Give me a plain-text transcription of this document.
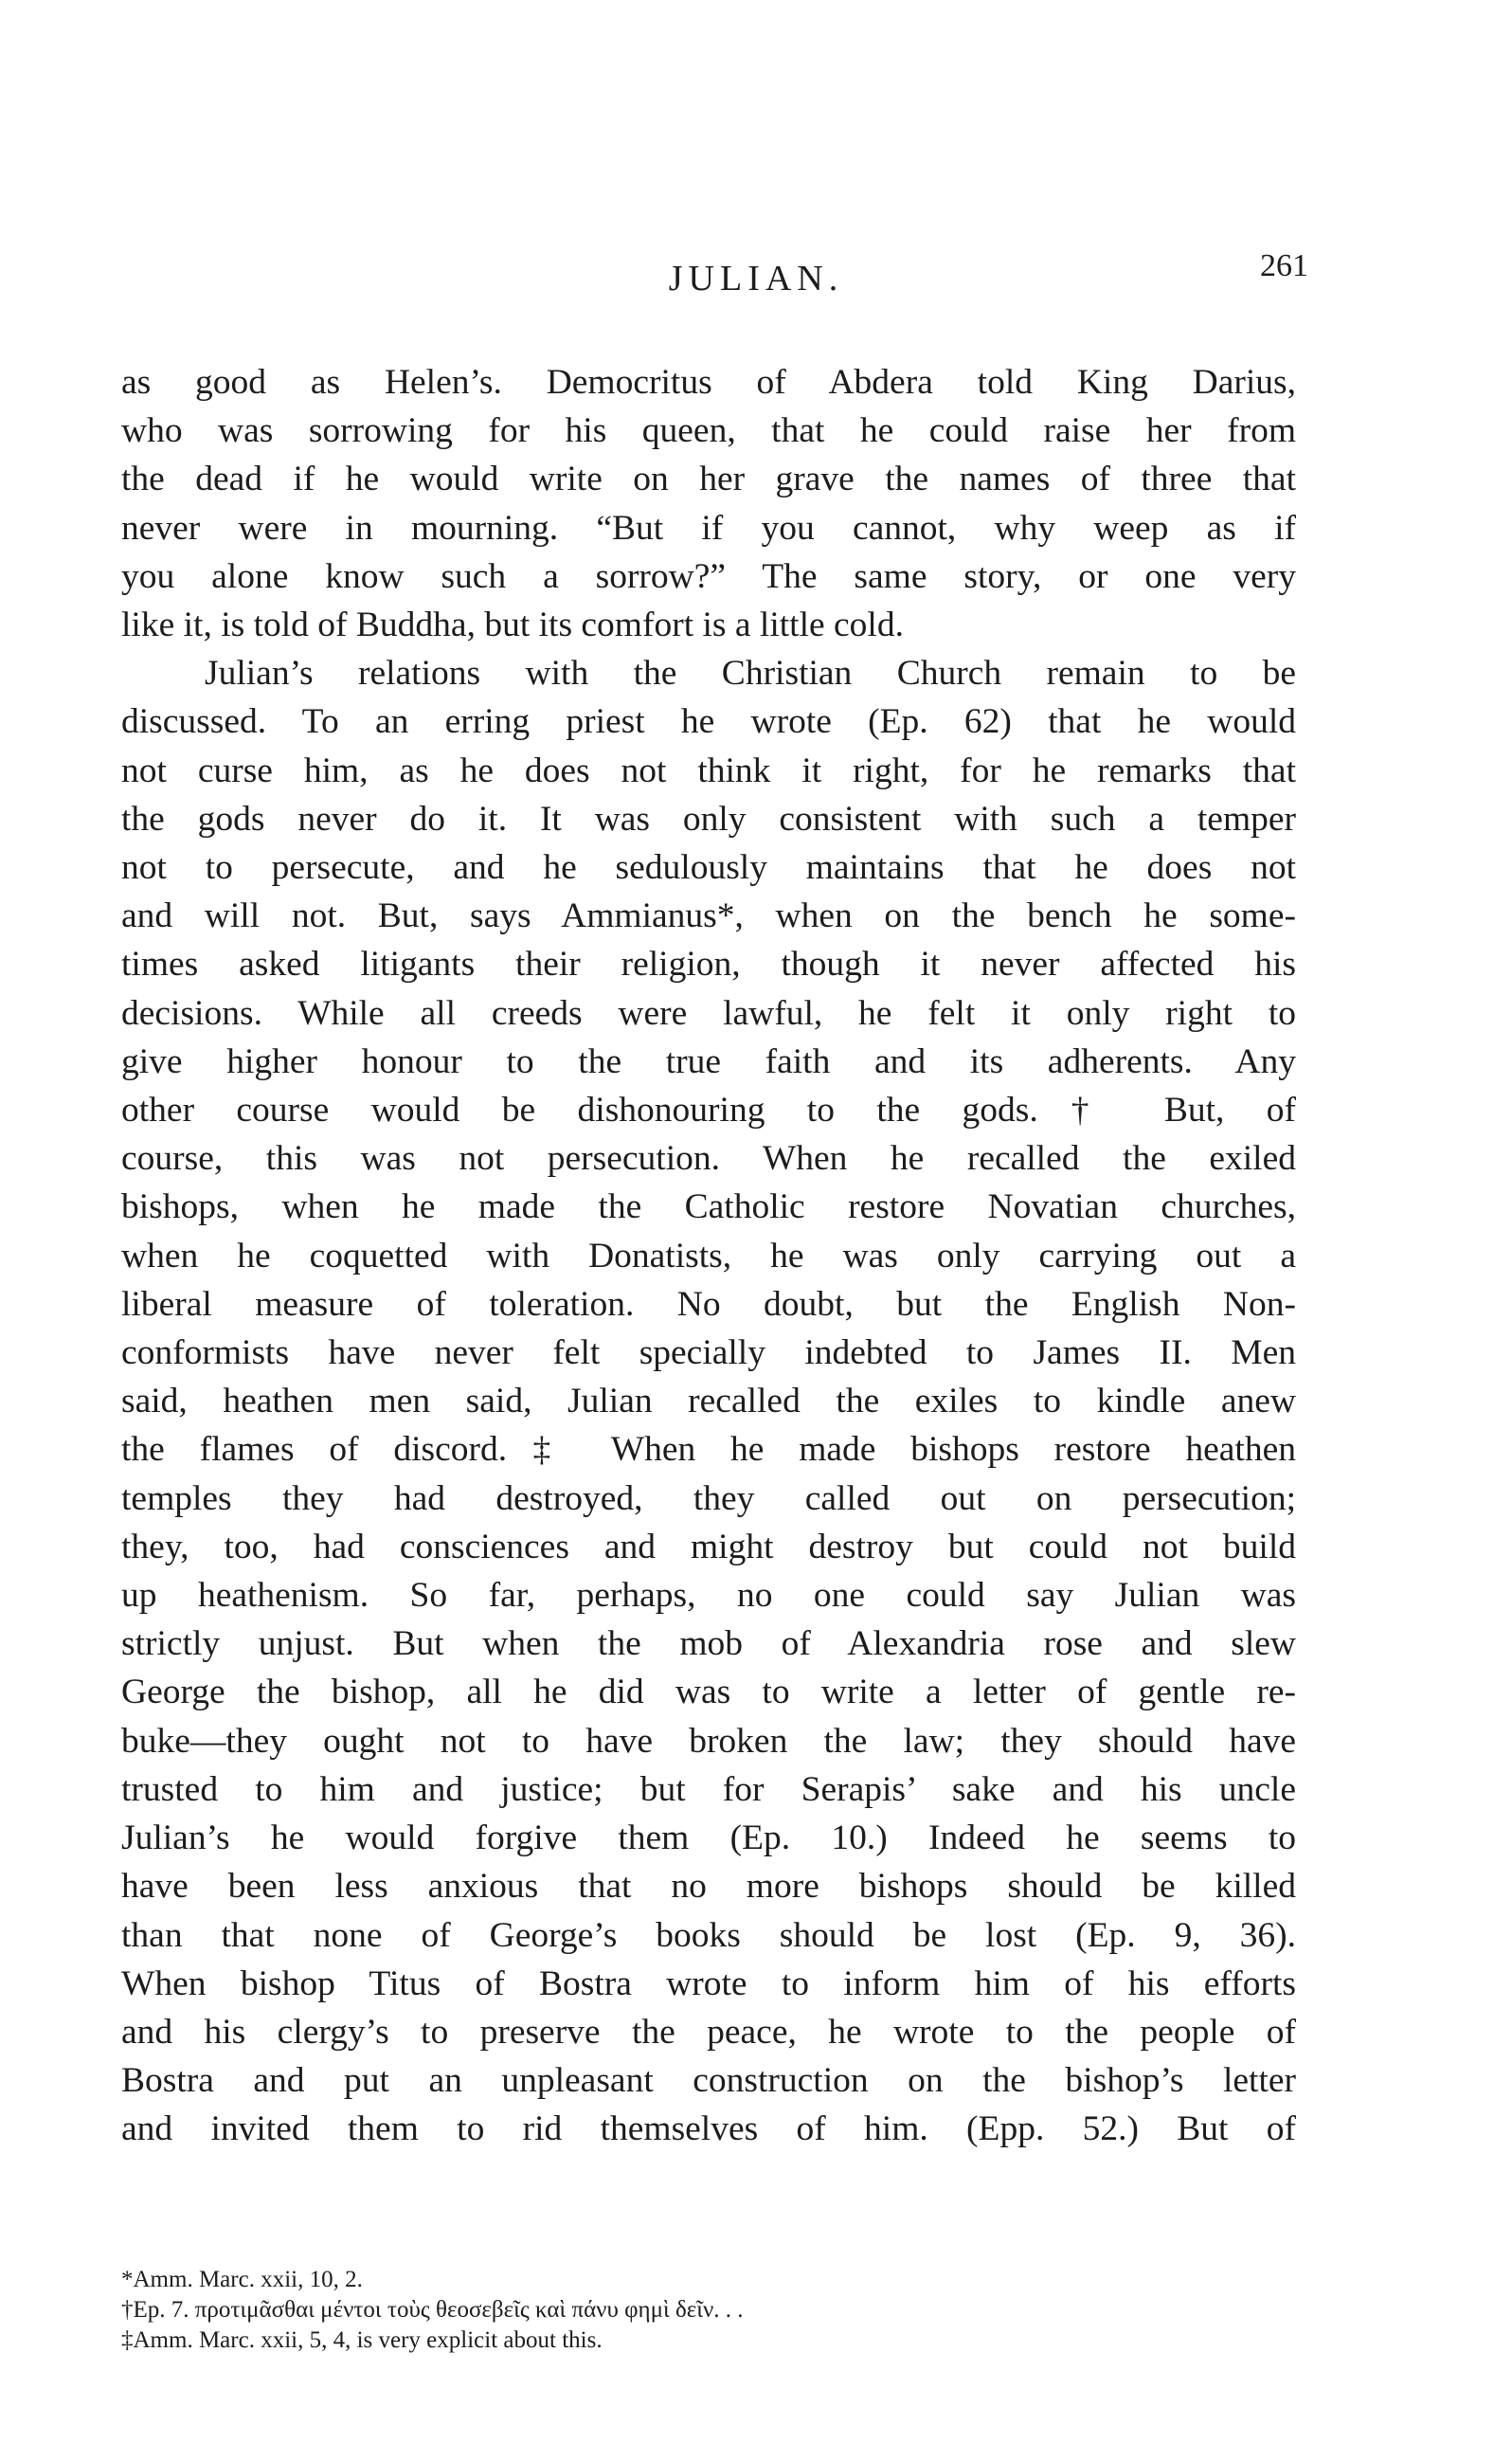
JULIAN.	261
as good as Helen’s. Democritus of Abdera told King Darius,
who was sorrowing for his queen, that he could raise her from
the dead if he would write on her grave the names of three that
never were in mourning. “But if you cannot, why weep as if
you alone know such a sorrow?” The same story, or one very
like it, is told of Buddha, but its comfort is a little cold.
Julian’s relations with the Christian Church remain to be
discussed. To an erring priest he wrote (Ep. 62) that he would
not curse him, as he does not think it right, for he remarks that
the gods never do it. It was only consistent with such a temper
not to persecute, and he sedulously maintains that he does not
and will not. But, says Ammianus*, when on the bench he some-
times asked litigants their religion, though it never affected his
decisions. While all creeds were lawful, he felt it only right to
give higher honour to the true faith and its adherents. Any
other course would be dishonouring to the gods.† But, of
course, this was not persecution. When he recalled the exiled
bishops, when he made the Catholic restore Novatian churches,
when he coquetted with Donatists, he was only carrying out a
liberal measure of toleration. No doubt, but the English Non-
conformists have never felt specially indebted to James II. Men
said, heathen men said, Julian recalled the exiles to kindle anew
the flames of discord.‡ When he made bishops restore heathen
temples they had destroyed, they called out on persecution;
they, too, had consciences and might destroy but could not build
up heathenism. So far, perhaps, no one could say Julian was
strictly unjust. But when the mob of Alexandria rose and slew
George the bishop, all he did was to write a letter of gentle re-
buke—they ought not to have broken the law; they should have
trusted to him and justice; but for Serapis’ sake and his uncle
Julian’s he would forgive them (Ep. 10.) Indeed he seems to
have been less anxious that no more bishops should be killed
than that none of George’s books should be lost (Ep. 9, 36).
When bishop Titus of Bostra wrote to inform him of his efforts
and his clergy’s to preserve the peace, he wrote to the people of
Bostra and put an unpleasant construction on the bishop’s letter
and invited them to rid themselves of him. (Epp. 52.) But of
*Amm. Marc. xxii, 10, 2.
†Ep. 7. προτιμᾶσθαι μέντοι τοὺς θεοσεβεῖς καὶ πάνυ φημὶ δεῖν. . .
‡Amm. Marc. xxii, 5, 4, is very explicit about this.
